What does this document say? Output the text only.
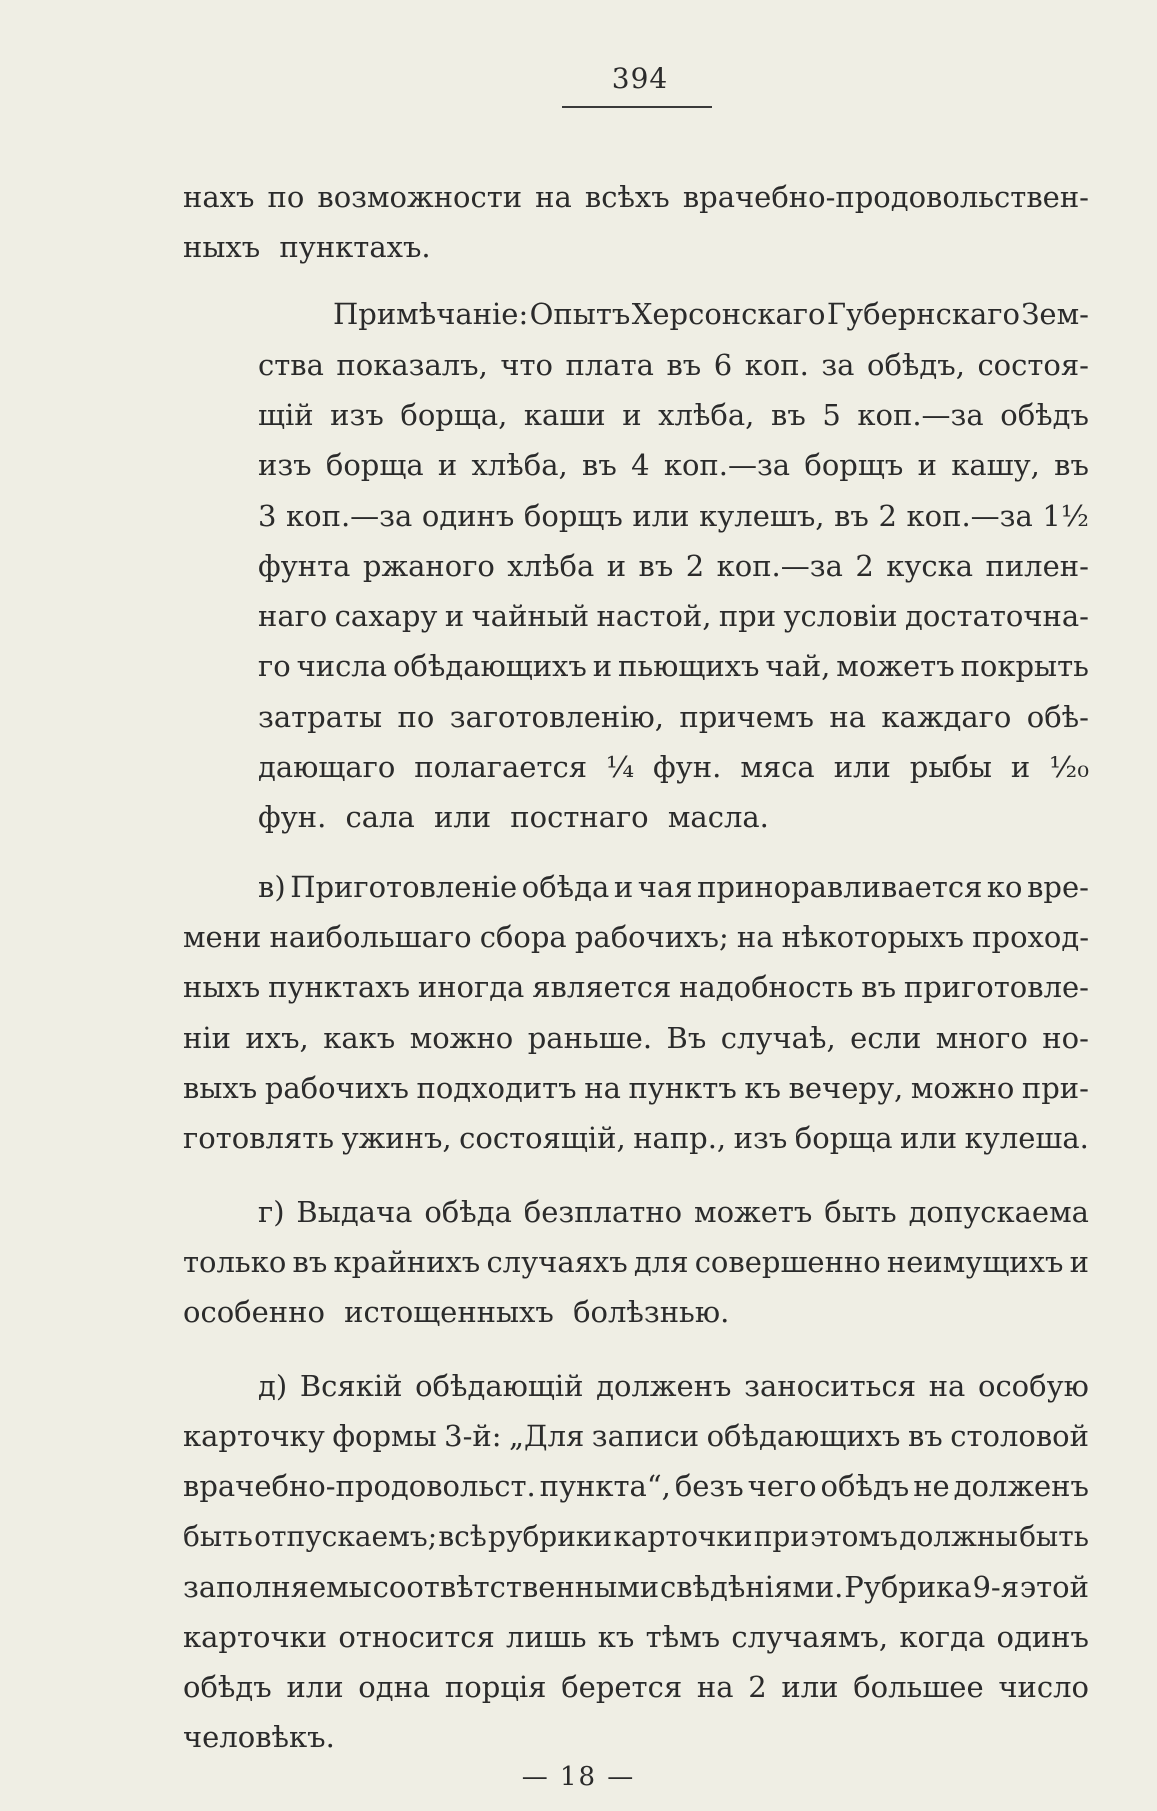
394
нахъ по возможности на всѣхъ врачебно-продовольствен-
ныхъ пунктахъ.
Примѣчаніе: Опытъ Херсонскаго Губернскаго Зем-
ства показалъ, что плата въ 6 коп. за обѣдъ, состоя-
щій изъ борща, каши и хлѣба, въ 5 коп.—за обѣдъ
изъ борща и хлѣба, въ 4 коп.—за борщъ и кашу, въ
3 коп.—за одинъ борщъ или кулешъ, въ 2 коп.—за 1½
фунта ржаного хлѣба и въ 2 коп.—за 2 куска пилен-
наго сахару и чайный настой, при условіи достаточна-
го числа обѣдающихъ и пьющихъ чай, можетъ покрыть
затраты по заготовленію, причемъ на каждаго обѣ-
дающаго полагается ¼ фун. мяса или рыбы и ¹⁄₂₀
фун. сала или постнаго масла.
в) Приготовленіе обѣда и чая приноравливается ко вре-
мени наибольшаго сбора рабочихъ; на нѣкоторыхъ проход-
ныхъ пунктахъ иногда является надобность въ приготовле-
ніи ихъ, какъ можно раньше. Въ случаѣ, если много но-
выхъ рабочихъ подходитъ на пунктъ къ вечеру, можно при-
готовлять ужинъ, состоящій, напр., изъ борща или кулеша.
г) Выдача обѣда безплатно можетъ быть допускаема
только въ крайнихъ случаяхъ для совершенно неимущихъ и
особенно истощенныхъ болѣзнью.
д) Всякій обѣдающій долженъ заноситься на особую
карточку формы 3-й: „Для записи обѣдающихъ въ столовой
врачебно-продовольст. пункта“, безъ чего обѣдъ не долженъ
быть отпускаемъ; всѣ рубрики карточки при этомъ должны быть
заполняемы соотвѣтственными свѣдѣніями. Рубрика 9-я этой
карточки относится лишь къ тѣмъ случаямъ, когда одинъ
обѣдъ или одна порція берется на 2 или большее число
человѣкъ.
— 18 —
